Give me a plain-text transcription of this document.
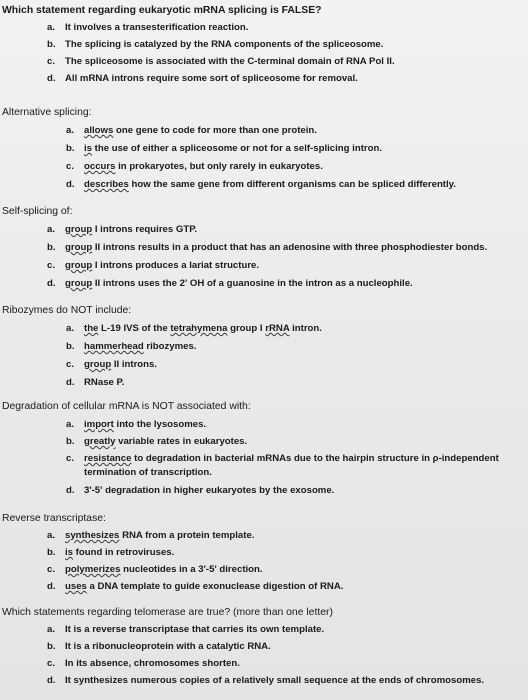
Which statement regarding eukaryotic mRNA splicing is FALSE?
a.	It involves a transesterification reaction.
b. The splicing is catalyzed by the RNA components of the spliceosome.
c.	The spliceosome is associated with the C-terminal domain of RNA Pol II.
d. All mRNA introns require some sort of spliceosome for removal.
Alternative splicing:
a.	allows one gene to code for more than one protein.
b. is the use of either a spliceosome or not for a self-splicing intron.
c.	occurs in prokaryotes, but only rarely in eukaryotes.
d. describes how the same gene from different organisms can be spliced differently.
Self-splicing of:
a.	group I introns requires GTP.
b. group II introns results in a product that has an adenosine with three phosphodiester bonds.
c.	group I introns produces a lariat structure.
d. group II introns uses the 2' OH of a guanosine in the intron as a nucleophile.
Ribozymes do NOT include:
a.	the L-19 IVS of the tetrahymena group I rRNA intron.
b. hammerhead ribozymes.
c.	group II introns.
d. RNase P.
Degradation of cellular mRNA is NOT associated with:
a.	import into the lysosomes.
b. greatly variable rates in eukaryotes.
c.	resistance to degradation in bacterial mRNAs due to the hairpin structure in ρ-independent
termination of transcription.
d. 3'-5' degradation in higher eukaryotes by the exosome.
Reverse transcriptase:
a.	synthesizes RNA from a protein template.
b. is found in retroviruses.
c.	polymerizes nucleotides in a 3'-5' direction.
d. uses a DNA template to guide exonuclease digestion of RNA.
Which statements regarding telomerase are true? (more than one letter)
a.	It is a reverse transcriptase that carries its own template.
b. It is a ribonucleoprotein with a catalytic RNA.
c.	In its absence, chromosomes shorten.
d. It synthesizes numerous copies of a relatively small sequence at the ends of chromosomes.
